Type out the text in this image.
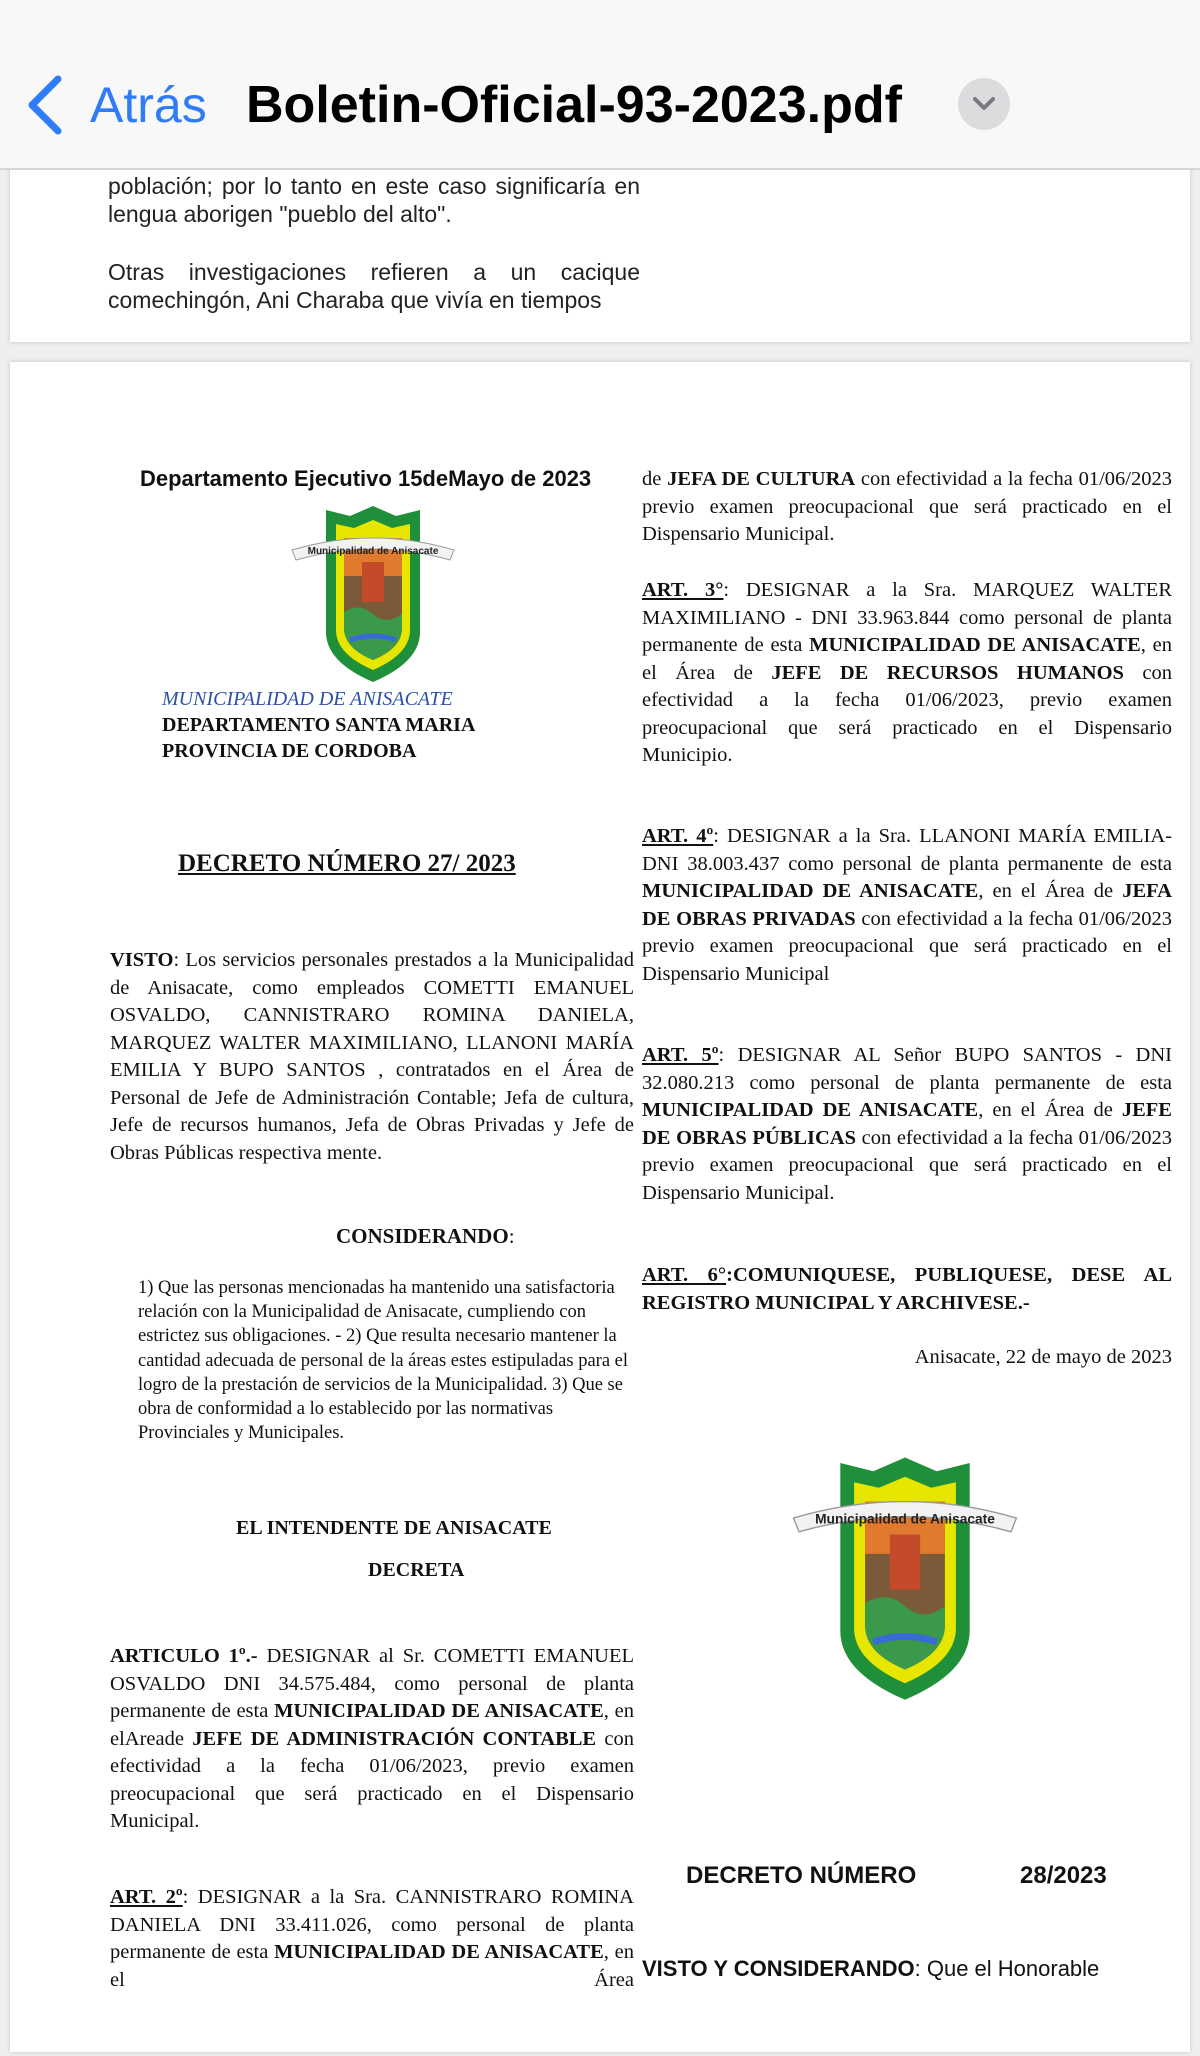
Atrás Boletin-Oficial-93-2023.pdf
población; por lo tanto en este caso significaría en lengua aborigen "pueblo del alto".
Otras investigaciones refieren a un cacique comechingón, Ani Charaba que vivía en tiempos
Departamento Ejecutivo 15deMayo de 2023
Municipalidad de Anisacate
MUNICIPALIDAD DE ANISACATE
DEPARTAMENTO SANTA MARIA
PROVINCIA DE CORDOBA
DECRETO NÚMERO 27/ 2023
VISTO: Los servicios personales prestados a la Municipalidad de Anisacate, como empleados COMETTI EMANUEL OSVALDO, CANNISTRARO ROMINA DANIELA, MARQUEZ WALTER MAXIMILIANO, LLANONI MARÍA EMILIA Y BUPO SANTOS , contratados en el Área de Personal de Jefe de Administración Contable; Jefa de cultura, Jefe de recursos humanos, Jefa de Obras Privadas y Jefe de Obras Públicas respectiva mente.
CONSIDERANDO:
1) Que las personas mencionadas ha mantenido una satisfactoria relación con la Municipalidad de Anisacate, cumpliendo con estrictez sus obligaciones. - 2) Que resulta necesario mantener la cantidad adecuada de personal de la áreas estes estipuladas para el logro de la prestación de servicios de la Municipalidad. 3) Que se obra de conformidad a lo establecido por las normativas Provinciales y Municipales.
EL INTENDENTE DE ANISACATE
DECRETA
ARTICULO 1º.- DESIGNAR al Sr. COMETTI EMANUEL OSVALDO DNI 34.575.484, como personal de planta permanente de esta MUNICIPALIDAD DE ANISACATE, en elAreade JEFE DE ADMINISTRACIÓN CONTABLE con efectividad a la fecha 01/06/2023, previo examen preocupacional que será practicado en el Dispensario Municipal.
ART. 2º: DESIGNAR a la Sra. CANNISTRARO ROMINA DANIELA DNI 33.411.026, como personal de planta permanente de esta MUNICIPALIDAD DE ANISACATE, en el Área
de JEFA DE CULTURA con efectividad a la fecha 01/06/2023 previo examen preocupacional que será practicado en el Dispensario Municipal.
ART. 3°: DESIGNAR a la Sra. MARQUEZ WALTER MAXIMILIANO - DNI 33.963.844 como personal de planta permanente de esta MUNICIPALIDAD DE ANISACATE, en el Área de JEFE DE RECURSOS HUMANOS con efectividad a la fecha 01/06/2023, previo examen preocupacional que será practicado en el Dispensario Municipio.
ART. 4º: DESIGNAR a la Sra. LLANONI MARÍA EMILIA- DNI 38.003.437 como personal de planta permanente de esta MUNICIPALIDAD DE ANISACATE, en el Área de JEFA DE OBRAS PRIVADAS con efectividad a la fecha 01/06/2023 previo examen preocupacional que será practicado en el Dispensario Municipal
ART. 5º: DESIGNAR AL Señor BUPO SANTOS - DNI 32.080.213 como personal de planta permanente de esta MUNICIPALIDAD DE ANISACATE, en el Área de JEFE DE OBRAS PÚBLICAS con efectividad a la fecha 01/06/2023 previo examen preocupacional que será practicado en el Dispensario Municipal.
ART. 6°:COMUNIQUESE, PUBLIQUESE, DESE AL REGISTRO MUNICIPAL Y ARCHIVESE.-
Anisacate, 22 de mayo de 2023
Municipalidad de Anisacate
DECRETO NÚMERO	28/2023
VISTO Y CONSIDERANDO: Que el Honorable
